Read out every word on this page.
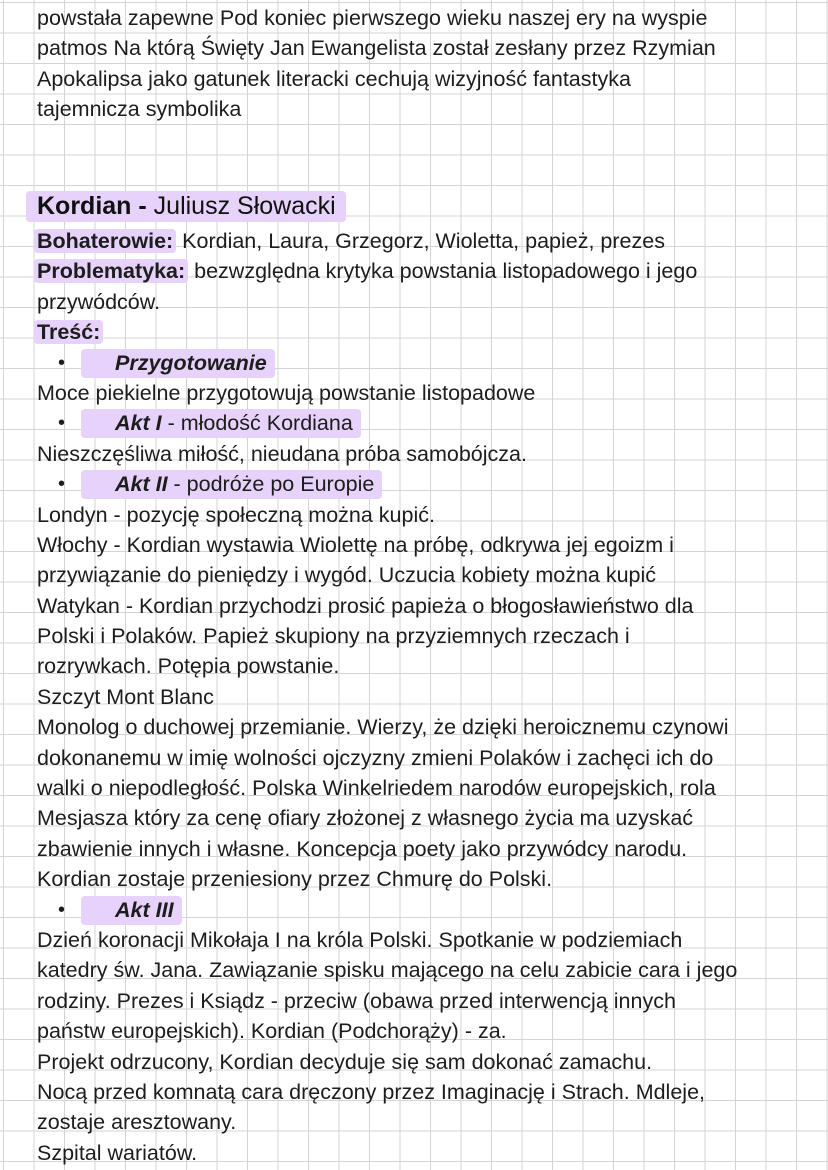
powstała zapewne Pod koniec pierwszego wieku naszej ery na wyspie
patmos Na którą Święty Jan Ewangelista został zesłany przez Rzymian
Apokalipsa jako gatunek literacki cechują wizyjność fantastyka
tajemnicza symbolika
Kordian - Juliusz Słowacki
Bohaterowie: Kordian, Laura, Grzegorz, Wioletta, papież, prezes
Problematyka: bezwzględna krytyka powstania listopadowego i jego
przywódców.
Treść:
• Przygotowanie
Moce piekielne przygotowują powstanie listopadowe
• Akt I - młodość Kordiana
Nieszczęśliwa miłość, nieudana próba samobójcza.
• Akt II - podróże po Europie
Londyn - pozycję społeczną można kupić.
Włochy - Kordian wystawia Wiolettę na próbę, odkrywa jej egoizm i
przywiązanie do pieniędzy i wygód. Uczucia kobiety można kupić
Watykan - Kordian przychodzi prosić papieża o błogosławieństwo dla
Polski i Polaków. Papież skupiony na przyziemnych rzeczach i
rozrywkach. Potępia powstanie.
Szczyt Mont Blanc
Monolog o duchowej przemianie. Wierzy, że dzięki heroicznemu czynowi
dokonanemu w imię wolności ojczyzny zmieni Polaków i zachęci ich do
walki o niepodległość. Polska Winkelriedem narodów europejskich, rola
Mesjasza który za cenę ofiary złożonej z własnego życia ma uzyskać
zbawienie innych i własne. Koncepcja poety jako przywódcy narodu.
Kordian zostaje przeniesiony przez Chmurę do Polski.
• Akt III
Dzień koronacji Mikołaja I na króla Polski. Spotkanie w podziemiach
katedry św. Jana. Zawiązanie spisku mającego na celu zabicie cara i jego
rodziny. Prezes i Ksiądz - przeciw (obawa przed interwencją innych
państw europejskich). Kordian (Podchorąży) - za.
Projekt odrzucony, Kordian decyduje się sam dokonać zamachu.
Nocą przed komnatą cara dręczony przez Imaginację i Strach. Mdleje,
zostaje aresztowany.
Szpital wariatów.
